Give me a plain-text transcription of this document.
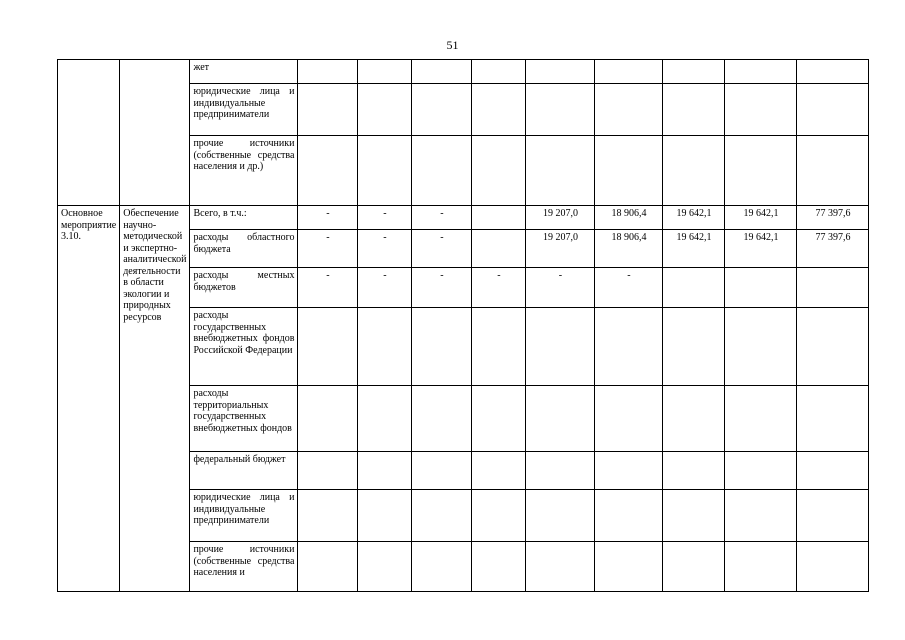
51
		жет									
		юридические лица и индивидуальные предприниматели									
		прочие источники (собственные средства населения и др.)									
Основное мероприятие 3.10.	Обеспечение научно-методической и экспертно-аналитической деятельности в области экологии и природных ресурсов	Всего, в т.ч.:	-	-	-		19 207,0	18 906,4	19 642,1	19 642,1	77 397,6
		расходы областного бюджета	-	-	-		19 207,0	18 906,4	19 642,1	19 642,1	77 397,6
		расходы местных бюджетов	-	-	-	-	-	-			
		расходы государственных внебюджетных фондов Российской Федерации									
		расходы территориальных государственных внебюджетных фондов									
		федеральный бюджет									
		юридические лица и индивидуальные предприниматели									
		прочие источники (собственные средства населения и									
